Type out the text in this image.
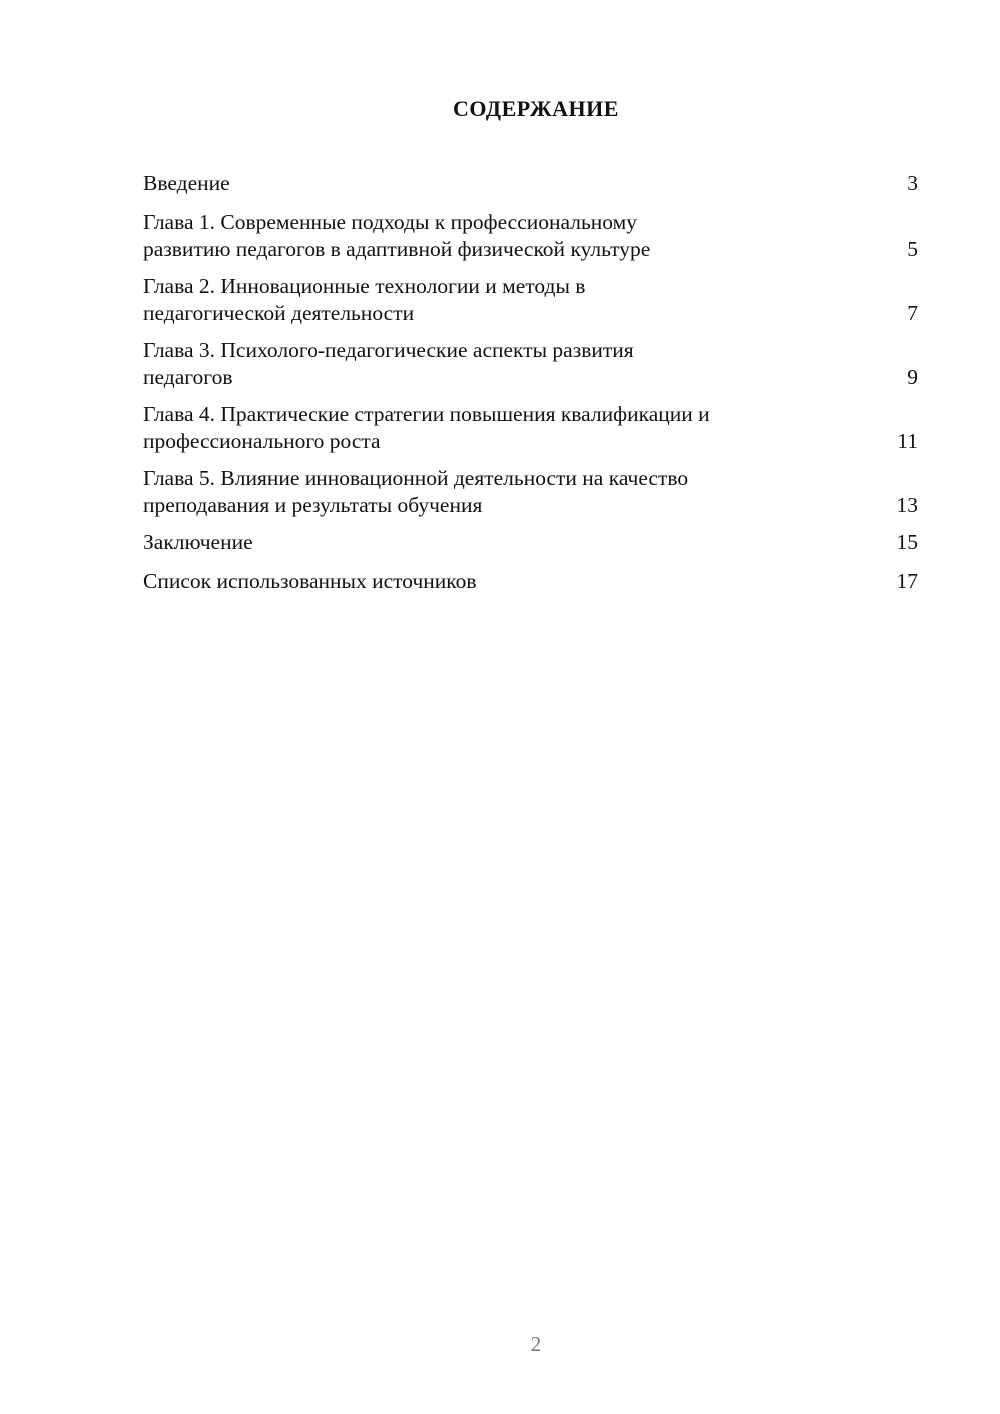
СОДЕРЖАНИЕ
Введение	3
Глава 1. Современные подходы к профессиональному
развитию педагогов в адаптивной физической культуре	5
Глава 2. Инновационные технологии и методы в
педагогической деятельности	7
Глава 3. Психолого-педагогические аспекты развития
педагогов	9
Глава 4. Практические стратегии повышения квалификации и
профессионального роста	11
Глава 5. Влияние инновационной деятельности на качество
преподавания и результаты обучения	13
Заключение	15
Список использованных источников	17
2
